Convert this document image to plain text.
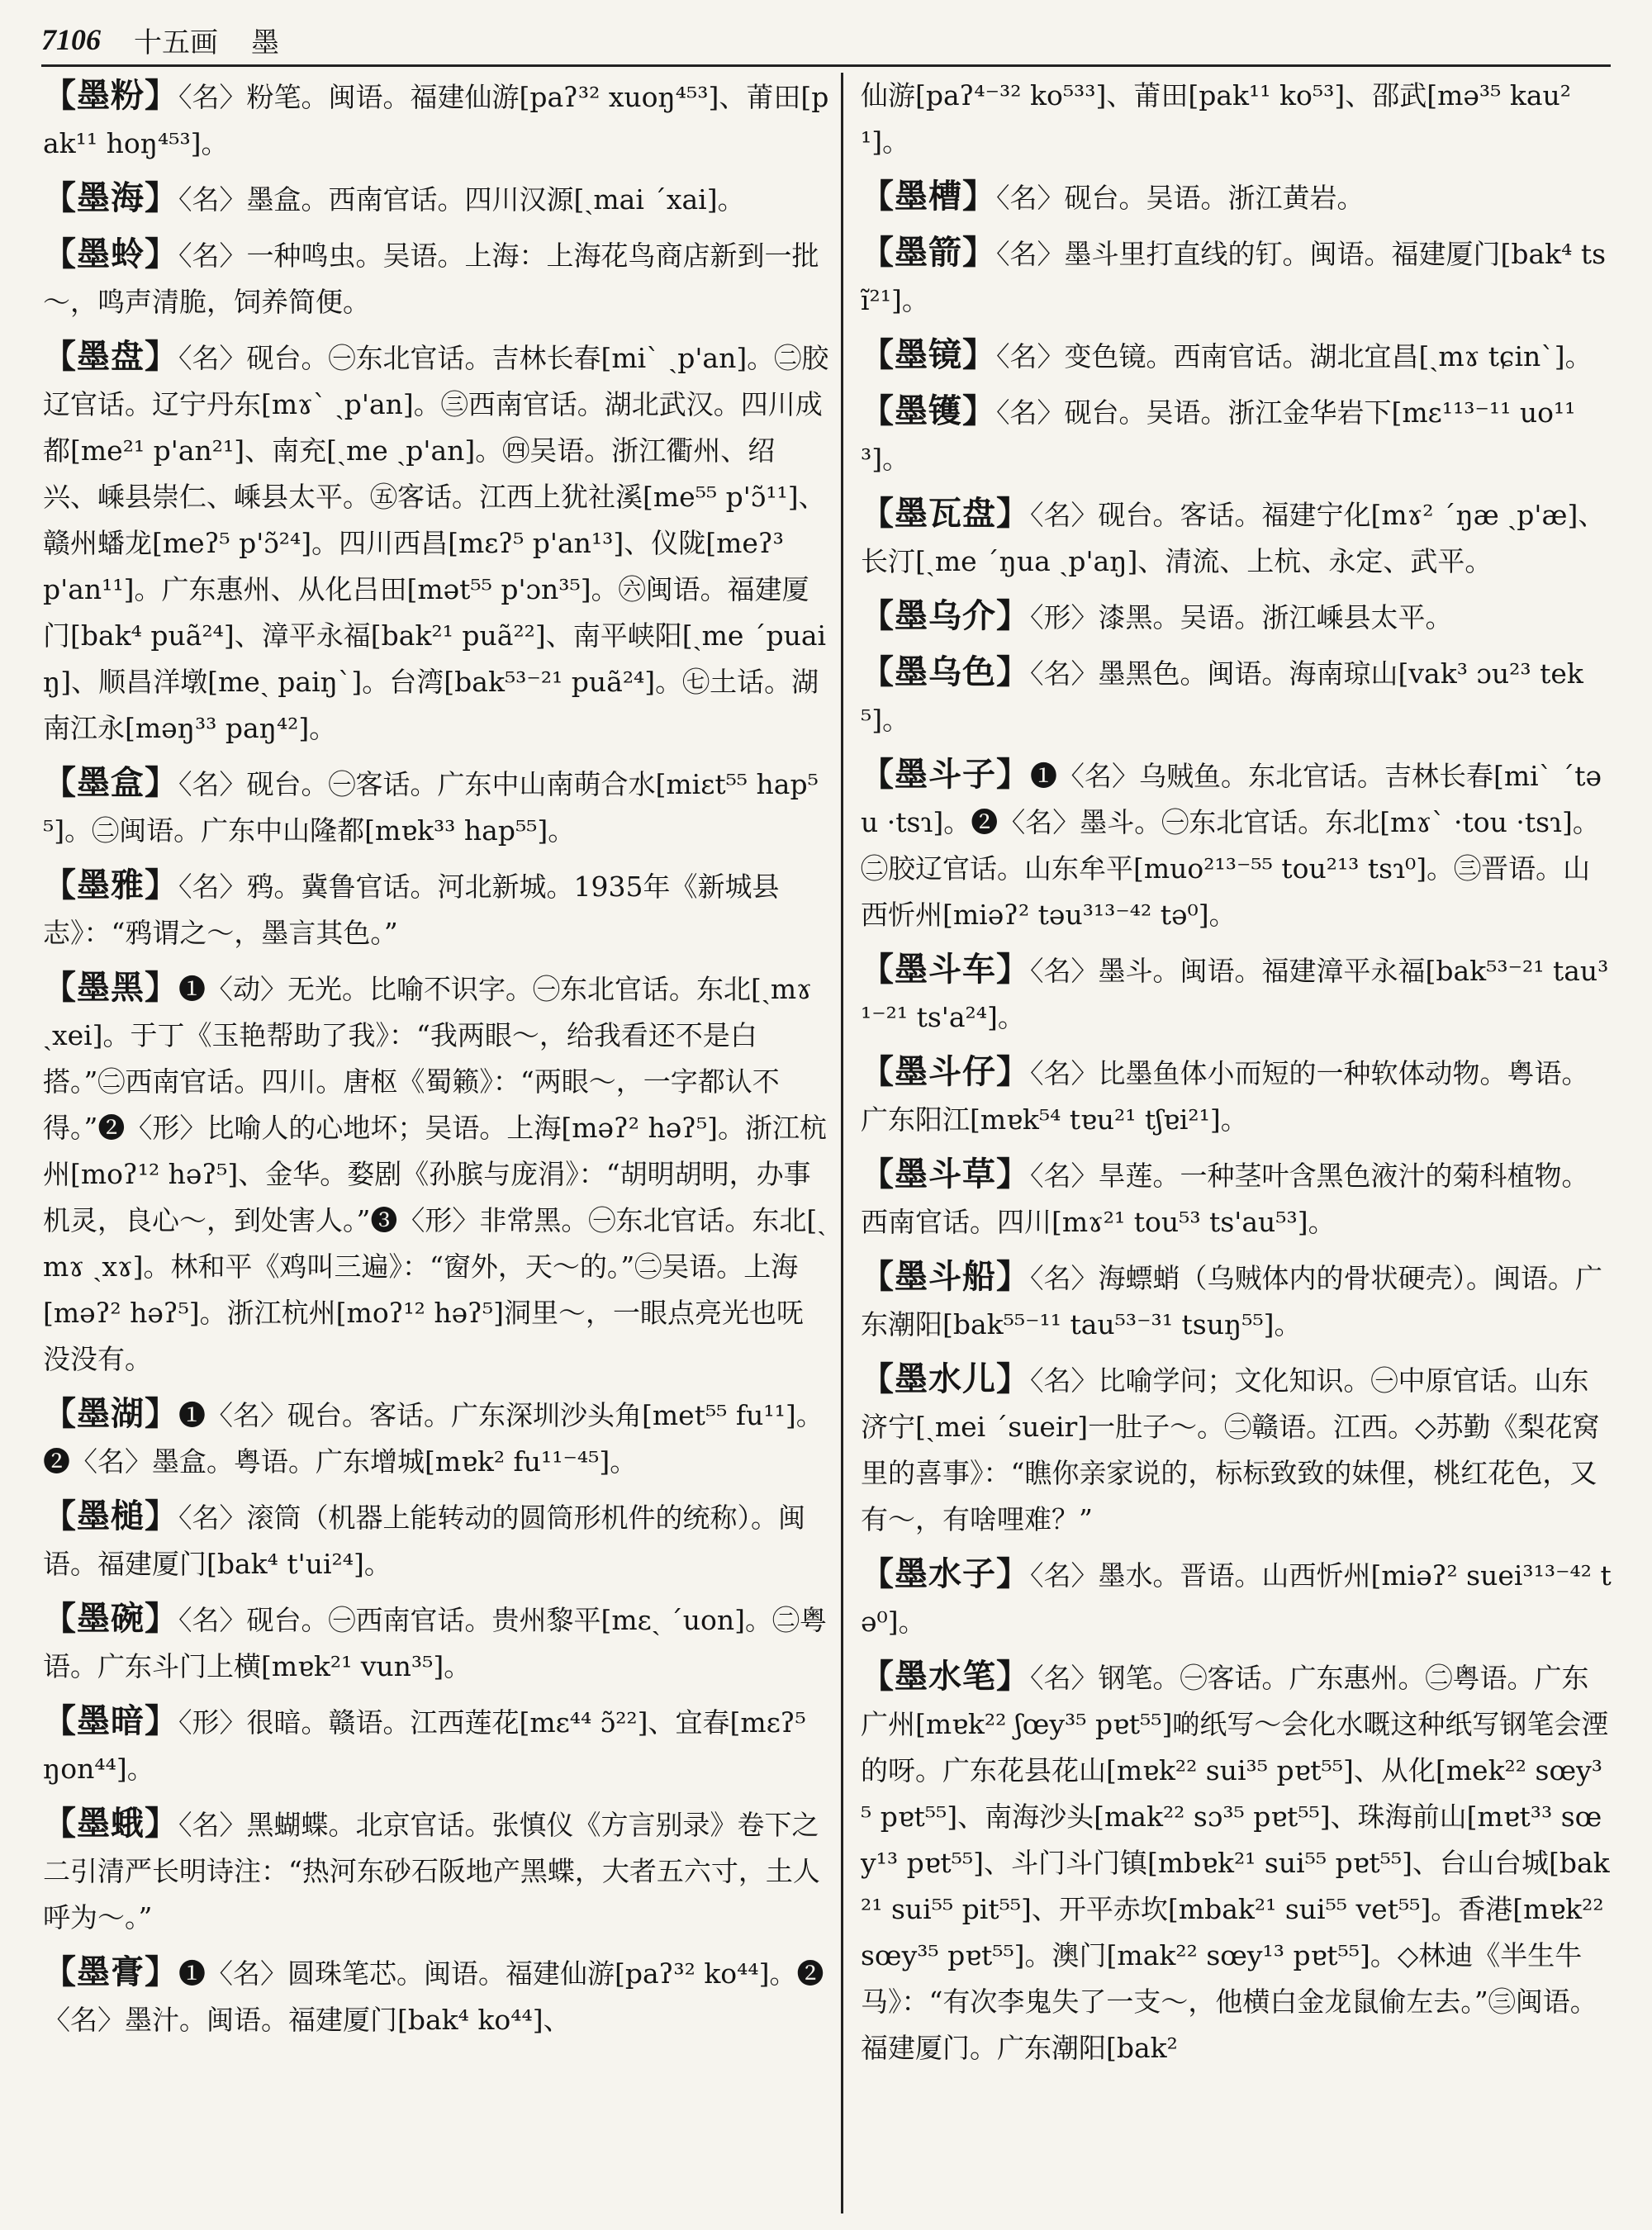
7106 十五画 墨

【墨粉】〈名〉粉笔。闽语。福建仙游[paʔ³² xuoŋ⁴⁵³]、莆田[pak¹¹ hoŋ⁴⁵³]。

【墨海】〈名〉墨盒。西南官话。四川汉源[ˏmai ˊxai]。

【墨蛉】〈名〉一种鸣虫。吴语。上海：上海花鸟商店新到一批～，鸣声清脆，饲养简便。

【墨盘】〈名〉砚台。㊀东北官话。吉林长春[miˋ ˏp'an]。㊁胶辽官话。辽宁丹东[mɤˋ ˏp'an]。㊂西南官话。湖北武汉。四川成都[me²¹ p'an²¹]、南充[ˏme ˏp'an]。㊃吴语。浙江衢州、绍兴、嵊县崇仁、嵊县太平。㊄客话。江西上犹社溪[me⁵⁵ p'ɔ̃¹¹]、赣州蟠龙[meʔ⁵ p'ɔ̃²⁴]。四川西昌[mɛʔ⁵ p'an¹³]、仪陇[meʔ³ p'an¹¹]。广东惠州、从化吕田[mət⁵⁵ p'ɔn³⁵]。㊅闽语。福建厦门[bak⁴ puã²⁴]、漳平永福[bak²¹ puã²²]、南平峡阳[ˏme ˊpuaiŋ]、顺昌洋墩[meˎ paiŋˋ]。台湾[bak⁵³⁻²¹ puã²⁴]。㊆土话。湖南江永[məŋ³³ paŋ⁴²]。

【墨盒】〈名〉砚台。㊀客话。广东中山南萌合水[miɛt⁵⁵ hap⁵⁵]。㊁闽语。广东中山隆都[mɐk³³ hap⁵⁵]。

【墨雅】〈名〉鸦。冀鲁官话。河北新城。1935年《新城县志》：“鸦谓之～，墨言其色。”

【墨黑】❶〈动〉无光。比喻不识字。㊀东北官话。东北[ˏmɤ ˏxei]。于丁《玉艳帮助了我》：“我两眼～，给我看还不是白搭。”㊁西南官话。四川。唐枢《蜀籁》：“两眼～，一字都认不得。”❷〈形〉比喻人的心地坏；吴语。上海[məʔ² həʔ⁵]。浙江杭州[moʔ¹² həʔ⁵]、金华。婺剧《孙膑与庞涓》：“胡明胡明，办事机灵，良心～，到处害人。”❸〈形〉非常黑。㊀东北官话。东北[ˏmɤ ˏxɤ]。林和平《鸡叫三遍》：“窗外，天～的。”㊁吴语。上海[məʔ² həʔ⁵]。浙江杭州[moʔ¹² həʔ⁵]洞里～，一眼点亮光也呒没没有。

【墨湖】❶〈名〉砚台。客话。广东深圳沙头角[met⁵⁵ fu¹¹]。❷〈名〉墨盒。粤语。广东增城[mɐk² fu¹¹⁻⁴⁵]。

【墨槌】〈名〉滚筒（机器上能转动的圆筒形机件的统称）。闽语。福建厦门[bak⁴ t'ui²⁴]。

【墨碗】〈名〉砚台。㊀西南官话。贵州黎平[mɛˏ ˊuon]。㊁粤语。广东斗门上横[mɐk²¹ vun³⁵]。

【墨暗】〈形〉很暗。赣语。江西莲花[mɛ⁴⁴ ɔ̃²²]、宜春[mɛʔ⁵ ŋon⁴⁴]。

【墨蛾】〈名〉黑蝴蝶。北京官话。张慎仪《方言别录》卷下之二引清严长明诗注：“热河东砂石阪地产黑蝶，大者五六寸，土人呼为～。”

【墨膏】❶〈名〉圆珠笔芯。闽语。福建仙游[paʔ³² ko⁴⁴]。❷〈名〉墨汁。闽语。福建厦门[bak⁴ ko⁴⁴]、

仙游[paʔ⁴⁻³² ko⁵³³]、莆田[pak¹¹ ko⁵³]、邵武[mə³⁵ kau²¹]。

【墨槽】〈名〉砚台。吴语。浙江黄岩。

【墨箭】〈名〉墨斗里打直线的钉。闽语。福建厦门[bak⁴ tsĩ²¹]。

【墨镜】〈名〉变色镜。西南官话。湖北宜昌[ˏmɤ tɕinˋ]。

【墨镬】〈名〉砚台。吴语。浙江金华岩下[mɛ¹¹³⁻¹¹ uo¹¹³]。

【墨瓦盘】〈名〉砚台。客话。福建宁化[mɤ² ˊŋæ ˏp'æ]、长汀[ˏme ˊŋua ˏp'aŋ]、清流、上杭、永定、武平。

【墨乌介】〈形〉漆黑。吴语。浙江嵊县太平。

【墨乌色】〈名〉墨黑色。闽语。海南琼山[vak³ ɔu²³ tek⁵]。

【墨斗子】❶〈名〉乌贼鱼。东北官话。吉林长春[miˋ ˊtəu ·tsɿ]。❷〈名〉墨斗。㊀东北官话。东北[mɤˋ ·tou ·tsɿ]。㊁胶辽官话。山东牟平[muo²¹³⁻⁵⁵ tou²¹³ tsɿ⁰]。㊂晋语。山西忻州[miəʔ² təu³¹³⁻⁴² tə⁰]。

【墨斗车】〈名〉墨斗。闽语。福建漳平永福[bak⁵³⁻²¹ tau³¹⁻²¹ ts'a²⁴]。

【墨斗仔】〈名〉比墨鱼体小而短的一种软体动物。粤语。广东阳江[mɐk⁵⁴ tɐu²¹ tʃɐi²¹]。

【墨斗草】〈名〉旱莲。一种茎叶含黑色液汁的菊科植物。西南官话。四川[mɤ²¹ tou⁵³ ts'au⁵³]。

【墨斗船】〈名〉海螵蛸（乌贼体内的骨状硬壳）。闽语。广东潮阳[bak⁵⁵⁻¹¹ tau⁵³⁻³¹ tsuŋ⁵⁵]。

【墨水儿】〈名〉比喻学问；文化知识。㊀中原官话。山东济宁[ˏmei ˊsueir]一肚子～。㊁赣语。江西。◇苏勤《梨花窝里的喜事》：“瞧你亲家说的，标标致致的妹俚，桃红花色，又有～，有啥哩难？”

【墨水子】〈名〉墨水。晋语。山西忻州[miəʔ² suei³¹³⁻⁴² tə⁰]。

【墨水笔】〈名〉钢笔。㊀客话。广东惠州。㊁粤语。广东广州[mɐk²² ʃœy³⁵ pɐt⁵⁵]啲纸写～会化水嘅这种纸写钢笔会湮的呀。广东花县花山[mɐk²² sui³⁵ pɐt⁵⁵]、从化[mek²² sœy³⁵ pɐt⁵⁵]、南海沙头[mak²² sɔ³⁵ pɐt⁵⁵]、珠海前山[mɐt³³ sœy¹³ pɐt⁵⁵]、斗门斗门镇[mbɐk²¹ sui⁵⁵ pɐt⁵⁵]、台山台城[bak²¹ sui⁵⁵ pit⁵⁵]、开平赤坎[mbak²¹ sui⁵⁵ vet⁵⁵]。香港[mɐk²² sœy³⁵ pɐt⁵⁵]。澳门[mak²² sœy¹³ pɐt⁵⁵]。◇林迪《半生牛马》：“有次李鬼失了一支～，他横白金龙鼠偷左去。”㊂闽语。福建厦门。广东潮阳[bak²
